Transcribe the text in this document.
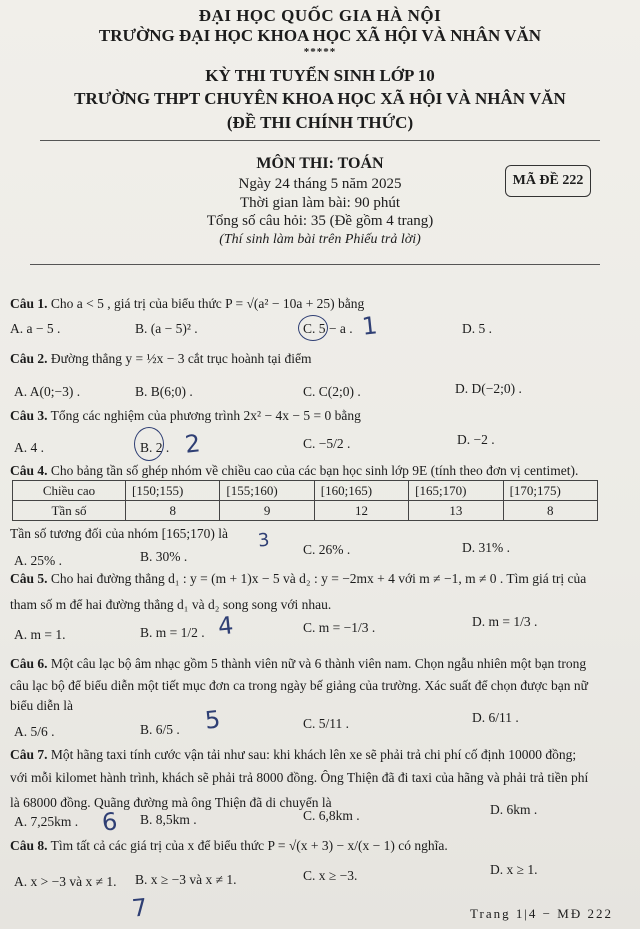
ĐẠI HỌC QUỐC GIA HÀ NỘI
TRƯỜNG ĐẠI HỌC KHOA HỌC XÃ HỘI VÀ NHÂN VĂN
*****
KỲ THI TUYỂN SINH LỚP 10
TRƯỜNG THPT CHUYÊN KHOA HỌC XÃ HỘI VÀ NHÂN VĂN
(ĐỀ THI CHÍNH THỨC)
MÔN THI: TOÁN
Ngày 24 tháng 5 năm 2025
Thời gian làm bài: 90 phút
Tổng số câu hỏi: 35 (Đề gồm 4 trang)
(Thí sinh làm bài trên Phiếu trả lời)
MÃ ĐỀ 222
Câu 1. Cho a < 5 , giá trị của biểu thức P = √(a² − 10a + 25) bằng
A. a − 5 .	B. (a − 5)² .	C. 5 − a .	D. 5 .
1
Câu 2. Đường thẳng y = ½x − 3 cắt trục hoành tại điểm
A. A(0;−3) .	B. B(6;0) .	C. C(2;0) .	D. D(−2;0) .
Câu 3. Tổng các nghiệm của phương trình 2x² − 4x − 5 = 0 bằng
A. 4 .	B. 2 .	C. −5/2 .	D. −2 .
2
Câu 4. Cho bảng tần số ghép nhóm về chiều cao của các bạn học sinh lớp 9E (tính theo đơn vị centimet).
Chiều cao	[150;155)	[155;160)	[160;165)	[165;170)	[170;175)
Tần số	8	9	12	13	8
Tần số tương đối của nhóm [165;170) là 3
A. 25% .	B. 30% .	C. 26% .	D. 31% .
Câu 5. Cho hai đường thẳng d₁ : y = (m + 1)x − 5 và d₂ : y = −2mx + 4 với m ≠ −1, m ≠ 0 . Tìm giá trị của
tham số m để hai đường thẳng d₁ và d₂ song song với nhau.
A. m = 1.	B. m = 1/2 .	C. m = −1/3 .	D. m = 1/3 .
4
Câu 6. Một câu lạc bộ âm nhạc gồm 5 thành viên nữ và 6 thành viên nam. Chọn ngẫu nhiên một bạn trong
câu lạc bộ để biểu diễn một tiết mục đơn ca trong ngày bế giảng của trường. Xác suất để chọn được bạn nữ
biểu diễn là
A. 5/6 .	B. 6/5 .	C. 5/11 .	D. 6/11 .
5
Câu 7. Một hãng taxi tính cước vận tải như sau: khi khách lên xe sẽ phải trả chi phí cố định 10000 đồng;
với mỗi kilomet hành trình, khách sẽ phải trả 8000 đồng. Ông Thiện đã đi taxi của hãng và phải trả tiền phí
là 68000 đồng. Quãng đường mà ông Thiện đã di chuyển là
A. 7,25km .	B. 8,5km .	C. 6,8km .	D. 6km .
6
Câu 8. Tìm tất cả các giá trị của x để biểu thức P = √(x + 3) − x/(x − 1) có nghĩa.
A. x > −3 và x ≠ 1. B. x ≥ −3 và x ≠ 1.	C. x ≥ −3.	D. x ≥ 1.
7	Trang 1|4 − MĐ 222
